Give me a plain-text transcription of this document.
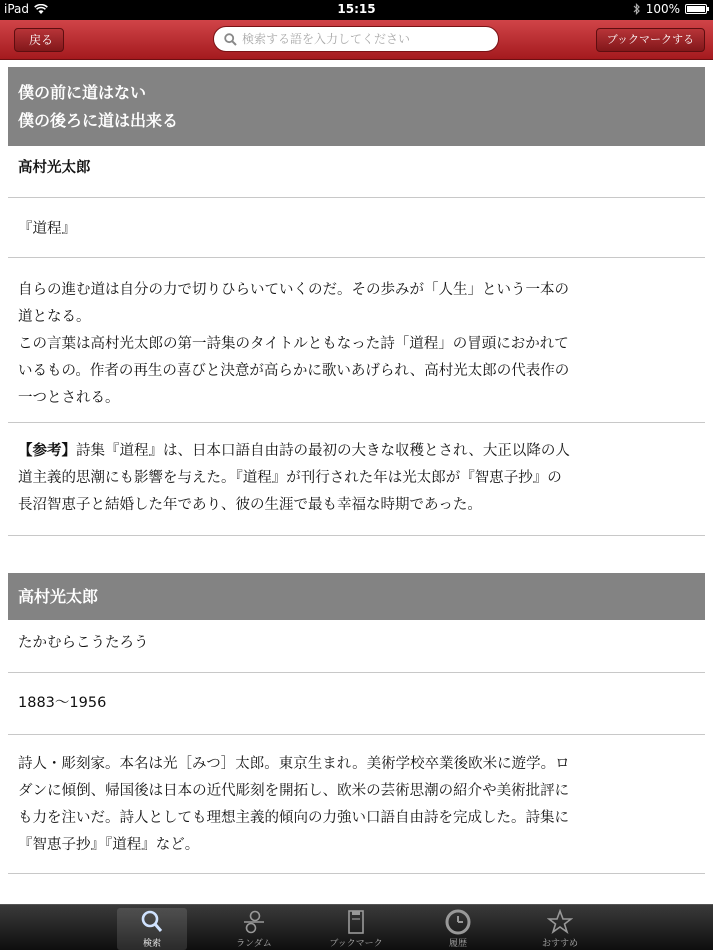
iPad	15:15	100%
戻る
検索する語を入力してください	ブックマークする
僕の前に道はない
僕の後ろに道は出来る
高村光太郎
『道程』
自らの進む道は自分の力で切りひらいていくのだ。その歩みが「人生」という一本の
道となる。
この言葉は高村光太郎の第一詩集のタイトルともなった詩「道程」の冒頭におかれて
いるもの。作者の再生の喜びと決意が高らかに歌いあげられ、高村光太郎の代表作の
一つとされる。
【参考】詩集『道程』は、日本口語自由詩の最初の大きな収穫とされ、大正以降の人
道主義的思潮にも影響を与えた。『道程』が刊行された年は光太郎が『智恵子抄』の
長沼智恵子と結婚した年であり、彼の生涯で最も幸福な時期であった。
高村光太郎
たかむらこうたろう
1883〜1956
詩人・彫刻家。本名は光［みつ］太郎。東京生まれ。美術学校卒業後欧米に遊学。ロ
ダンに傾倒、帰国後は日本の近代彫刻を開拓し、欧米の芸術思潮の紹介や美術批評に
も力を注いだ。詩人としても理想主義的傾向の力強い口語自由詩を完成した。詩集に
『智恵子抄』『道程』など。
検索	ランダム	ブックマーク	履歴	おすすめ
